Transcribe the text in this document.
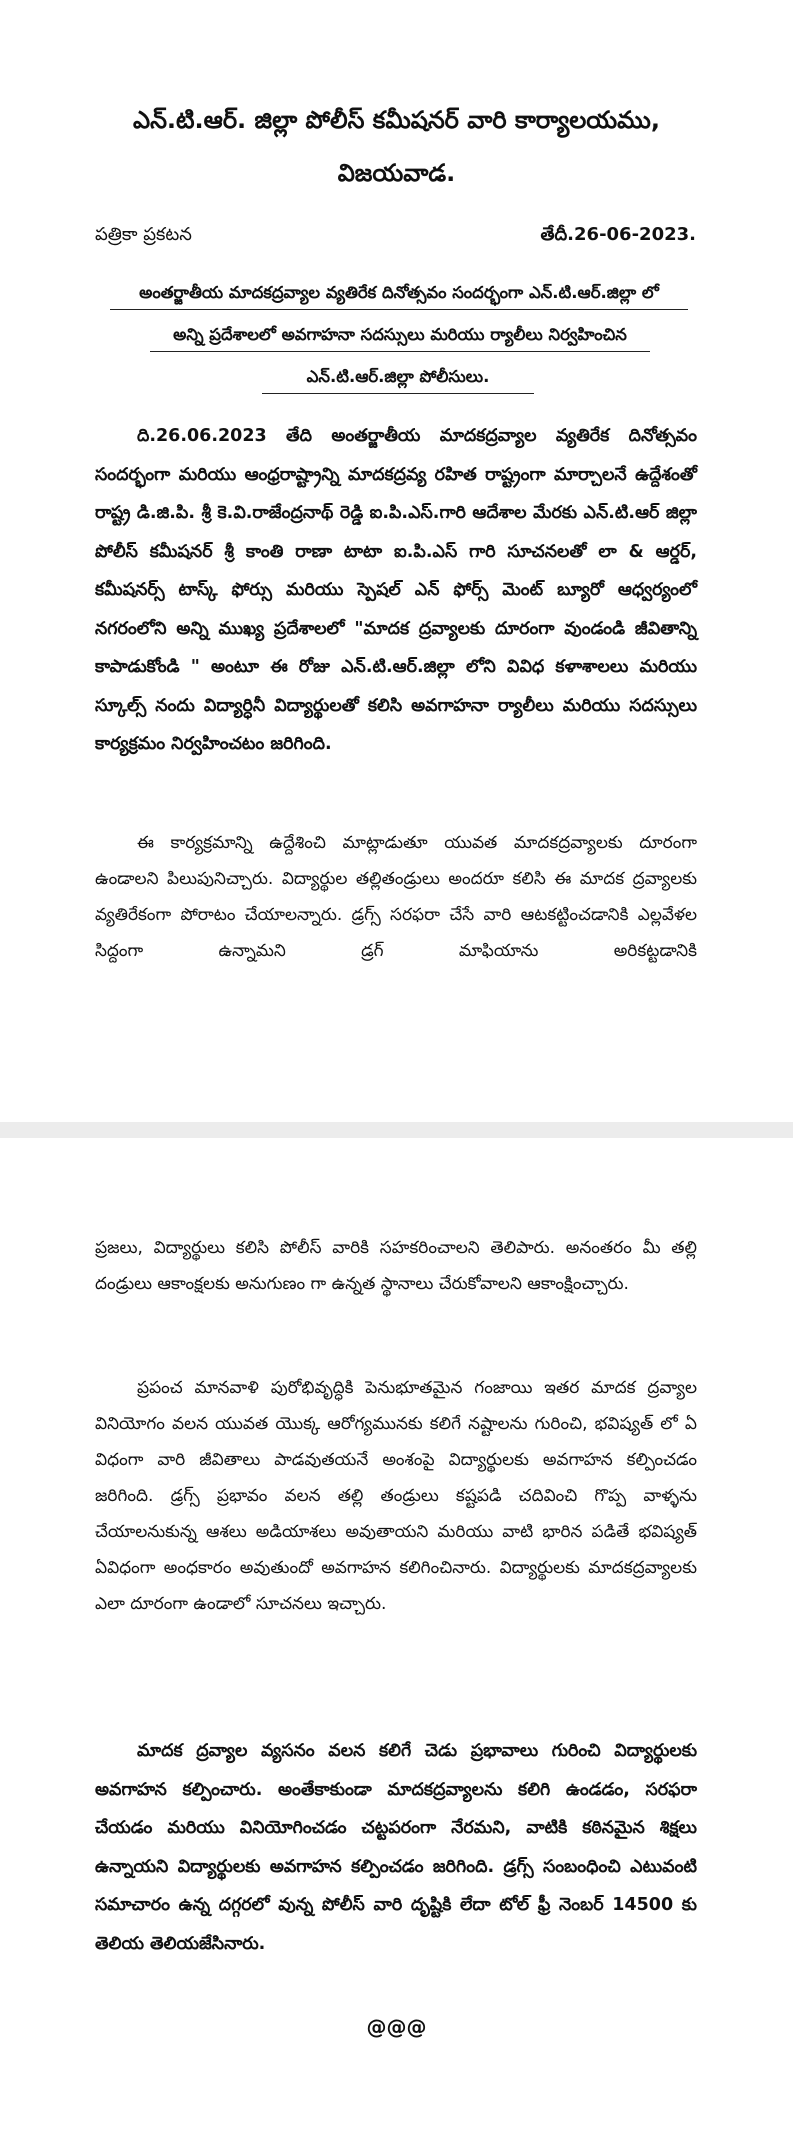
ఎన్.టి.ఆర్. జిల్లా పోలీస్ కమీషనర్ వారి కార్యాలయము,
విజయవాడ.
పత్రికా ప్రకటన	తేదీ.26-06-2023.
అంతర్జాతీయ మాదకద్రవ్యాల వ్యతిరేక దినోత్సవం సందర్భంగా ఎన్.టి.ఆర్.జిల్లా లో
అన్ని ప్రదేశాలలో అవగాహనా సదస్సులు మరియు ర్యాలీలు నిర్వహించిన
ఎన్.టి.ఆర్.జిల్లా పోలీసులు.
ది.26.06.2023 తేది అంతర్జాతీయ మాదకద్రవ్యాల వ్యతిరేక దినోత్సవం సందర్భంగా మరియు ఆంధ్రరాష్ట్రాన్ని మాదకద్రవ్య రహిత రాష్ట్రంగా మార్చాలనే ఉద్దేశంతో రాష్ట్ర డి.జి.పి. శ్రీ కె.వి.రాజేంద్రనాథ్ రెడ్డి ఐ.పి.ఎస్.గారి ఆదేశాల మేరకు ఎన్.టి.ఆర్ జిల్లా పోలీస్ కమీషనర్ శ్రీ కాంతి రాణా టాటా ఐ.పి.ఎస్ గారి సూచనలతో లా & ఆర్డర్, కమీషనర్స్ టాస్క్ ఫోర్సు మరియు స్పెషల్ ఎన్ ఫోర్స్ మెంట్ బ్యూరో ఆధ్వర్యంలో నగరంలోని అన్ని ముఖ్య ప్రదేశాలలో "మాదక ద్రవ్యాలకు దూరంగా వుండండి జీవితాన్ని కాపాడుకోండి " అంటూ ఈ రోజు ఎన్.టి.ఆర్.జిల్లా లోని వివిధ కళాశాలలు మరియు స్కూల్స్ నందు విద్యార్ధినీ విద్యార్థులతో కలిసి అవగాహనా ర్యాలీలు మరియు సదస్సులు కార్యక్రమం నిర్వహించటం జరిగింది.
ఈ కార్యక్రమాన్ని ఉద్దేశించి మాట్లాడుతూ యువత మాదకద్రవ్యాలకు దూరంగా ఉండాలని పిలుపునిచ్చారు. విద్యార్థుల తల్లితండ్రులు అందరూ కలిసి ఈ మాదక ద్రవ్యాలకు వ్యతిరేకంగా పోరాటం చేయాలన్నారు. డ్రగ్స్ సరఫరా చేసే వారి ఆటకట్టించడానికి ఎల్లవేళల సిద్దంగా ఉన్నామని డ్రగ్ మాఫియాను అరికట్టడానికి
ప్రజలు, విద్యార్థులు కలిసి పోలీస్ వారికి సహకరించాలని తెలిపారు. అనంతరం మీ తల్లి దండ్రులు ఆకాంక్షలకు అనుగుణం గా ఉన్నత స్థానాలు చేరుకోవాలని ఆకాంక్షించ్చారు.
ప్రపంచ మానవాళి పురోభివృద్ధికి పెనుభూతమైన గంజాయి ఇతర మాదక ద్రవ్యాల వినియోగం వలన యువత యొక్క ఆరోగ్యమునకు కలిగే నష్టాలను గురించి, భవిష్యత్ లో ఏ విధంగా వారి జీవితాలు పాడవుతయనే అంశంపై విద్యార్థులకు అవగాహన కల్పించడం జరిగింది. డ్రగ్స్ ప్రభావం వలన తల్లి తండ్రులు కష్టపడి చదివించి గొప్ప వాళ్ళను చేయాలనుకున్న ఆశలు అడియాశలు అవుతాయని మరియు వాటి భారిన పడితే భవిష్యత్ ఏవిధంగా అంధకారం అవుతుందో అవగాహన కలిగించినారు. విద్యార్థులకు మాదకద్రవ్యాలకు ఎలా దూరంగా ఉండాలో సూచనలు ఇచ్చారు.
మాదక ద్రవ్యాల వ్యసనం వలన కలిగే చెడు ప్రభావాలు గురించి విద్యార్థులకు అవగాహన కల్పించారు. అంతేకాకుండా మాదకద్రవ్యాలను కలిగి ఉండడం, సరఫరా చేయడం మరియు వినియోగించడం చట్టపరంగా నేరమని, వాటికి కఠినమైన శిక్షలు ఉన్నాయని విద్యార్థులకు అవగాహన కల్పించడం జరిగింది. డ్రగ్స్ సంబంధించి ఎటువంటి సమాచారం ఉన్న దగ్గరలో వున్న పోలీస్ వారి దృష్టికి లేదా టోల్ ఫ్రీ నెంబర్ 14500 కు తెలియ తెలియజేసినారు.
@@@
